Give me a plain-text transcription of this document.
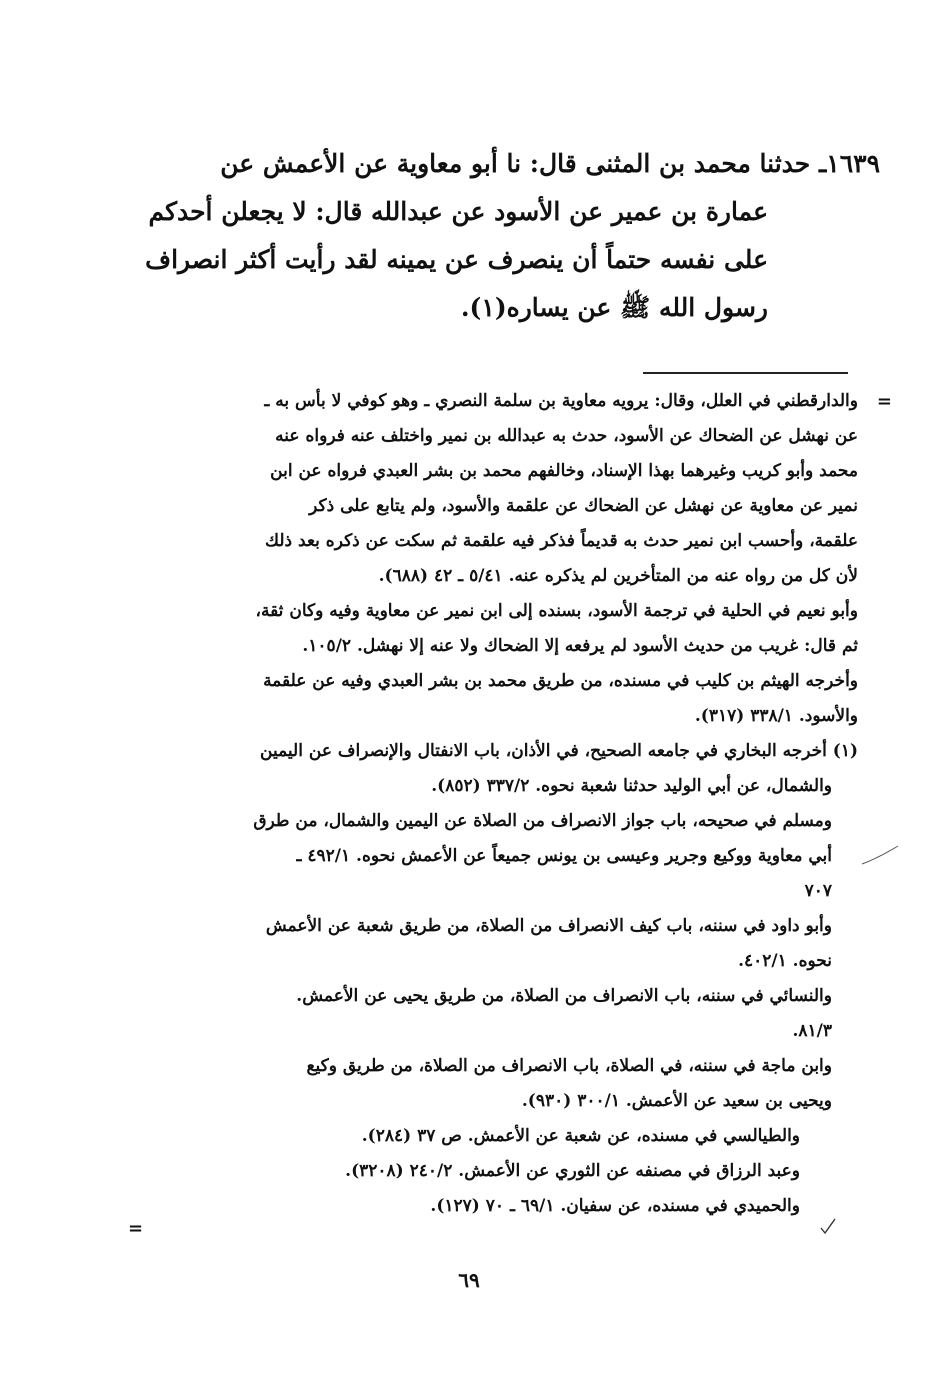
١٦٣٩ـ حدثنا محمد بن المثنى قال: نا أبو معاوية عن الأعمش عن

عمارة بن عمير عن الأسود عن عبدالله قال: لا يجعلن أحدكم

على نفسه حتماً أن ينصرف عن يمينه لقد رأيت أكثر انصراف

رسول الله ﷺ عن يساره(١).

=
والدارقطني في العلل، وقال: يرويه معاوية بن سلمة النصري ـ وهو كوفي لا بأس به ـ

عن نهشل عن الضحاك عن الأسود، حدث به عبدالله بن نمير واختلف عنه فرواه عنه

محمد وأبو كريب وغيرهما بهذا الإسناد، وخالفهم محمد بن بشر العبدي فرواه عن ابن

نمير عن معاوية عن نهشل عن الضحاك عن علقمة والأسود، ولم يتابع على ذكر

علقمة، وأحسب ابن نمير حدث به قديماً فذكر فيه علقمة ثم سكت عن ذكره بعد ذلك

لأن كل من رواه عنه من المتأخرين لم يذكره عنه. ٥/٤١ ـ ٤٢ (٦٨٨).

وأبو نعيم في الحلية في ترجمة الأسود، بسنده إلى ابن نمير عن معاوية وفيه وكان ثقة،

ثم قال: غريب من حديث الأسود لم يرفعه إلا الضحاك ولا عنه إلا نهشل. ١٠٥/٢.

وأخرجه الهيثم بن كليب في مسنده، من طريق محمد بن بشر العبدي وفيه عن علقمة

والأسود. ٣٣٨/١ (٣١٧).

(١) أخرجه البخاري في جامعه الصحيح، في الأذان، باب الانفتال والإنصراف عن اليمين

والشمال، عن أبي الوليد حدثنا شعبة نحوه. ٣٣٧/٢ (٨٥٢).

ومسلم في صحيحه، باب جواز الانصراف من الصلاة عن اليمين والشمال، من طرق

أبي معاوية ووكيع وجرير وعيسى بن يونس جميعاً عن الأعمش نحوه. ٤٩٢/١ ـ

٧٠٧

وأبو داود في سننه، باب كيف الانصراف من الصلاة، من طريق شعبة عن الأعمش

نحوه. ٤٠٢/١.

والنسائي في سننه، باب الانصراف من الصلاة، من طريق يحيى عن الأعمش.

٨١/٣.

وابن ماجة في سننه، في الصلاة، باب الانصراف من الصلاة، من طريق وكيع

ويحيى بن سعيد عن الأعمش. ٣٠٠/١ (٩٣٠).

والطيالسي في مسنده، عن شعبة عن الأعمش. ص ٣٧ (٢٨٤).

وعبد الرزاق في مصنفه عن الثوري عن الأعمش. ٢٤٠/٢ (٣٢٠٨).

والحميدي في مسنده، عن سفيان. ٦٩/١ ـ ٧٠ (١٢٧).

=
٦٩
